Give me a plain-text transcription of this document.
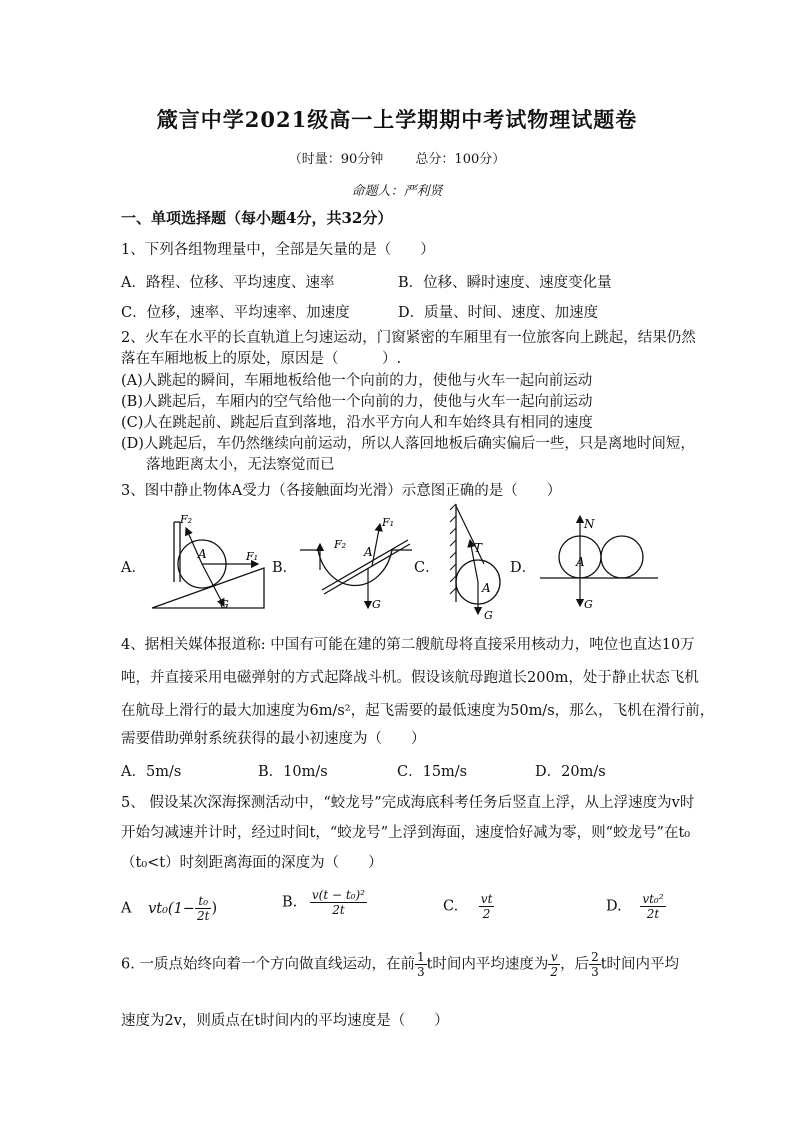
箴言中学2021级高一上学期期中考试物理试题卷
（时量：90分钟 总分：100分）
命题人：严利贤
一、单项选择题（每小题4分，共32分）
1、下列各组物理量中，全部是矢量的是（　　）
A．路程、位移、平均速度、速率	B．位移、瞬时速度、速度变化量
C．位移，速率、平均速率、加速度	D．质量、时间、速度、加速度
2、火车在水平的长直轨道上匀速运动，门窗紧密的车厢里有一位旅客向上跳起，结果仍然
落在车厢地板上的原处，原因是（　　　）.
(A)人跳起的瞬间，车厢地板给他一个向前的力，使他与火车一起向前运动
(B)人跳起后，车厢内的空气给他一个向前的力，使他与火车一起向前运动
(C)人在跳起前、跳起后直到落地，沿水平方向人和车始终具有相同的速度
(D)人跳起后，车仍然继续向前运动，所以人落回地板后确实偏后一些，只是离地时间短，
落地距离太小，无法察觉而已
3、图中静止物体A受力（各接触面均光滑）示意图正确的是（　　）
A．	B．	C．	D．
F₂
A	F₁
G
F₁
F₂
A
G
T
A
G
N
A
G
4、据相关媒体报道称: 中国有可能在建的第二艘航母将直接采用核动力，吨位也直达10万
吨，并直接采用电磁弹射的方式起降战斗机。假设该航母跑道长200m，处于静止状态飞机
在航母上滑行的最大加速度为6m/s²，起飞需要的最低速度为50m/s，那么，飞机在滑行前，
需要借助弹射系统获得的最小初速度为（　　）
A．5m/s	B．10m/s	C．15m/s	D．20m/s
5、 假设某次深海探测活动中，“蛟龙号”完成海底科考任务后竖直上浮，从上浮速度为v时
开始匀减速并计时，经过时间t，“蛟龙号”上浮到海面，速度恰好减为零，则“蛟龙号”在t₀
（t₀<t）时刻距离海面的深度为（　　）
A $vt_0(1- \frac{\text{t₀}}{2t}$ )	B. $\frac{\text{v(t − t₀)²}}{2t}$	C. $\frac{vt}{2}$	D. $\frac{\text{vt₀²}}{2t}$
6. 一质点始终向着一个方向做直线运动，在前 $\frac{1}{3}$ t时间内平均速度为 $\frac{v}{2}$ ，后 $\frac{2}{3}$ t时间内平均
速度为2v，则质点在t时间内的平均速度是（　　）
